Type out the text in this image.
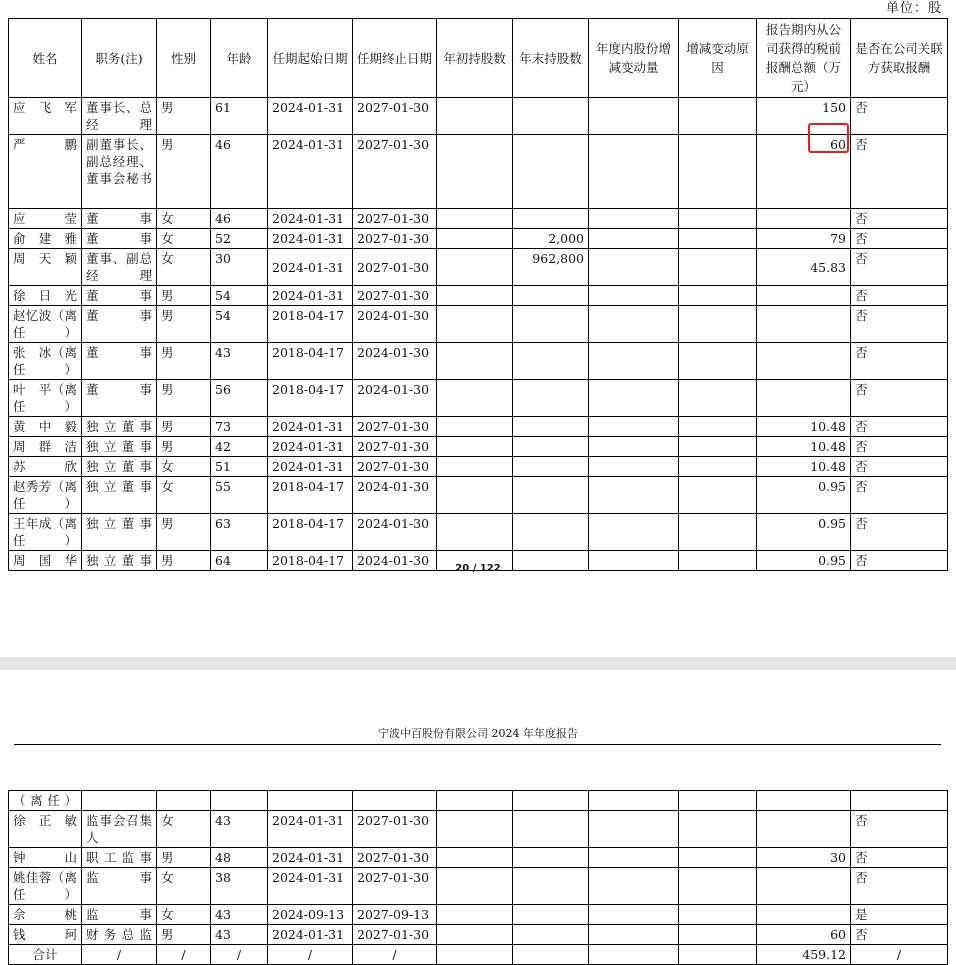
单位：股
姓名	职务(注)	性别	年龄	任期起始日期	任期终止日期	年初持股数	年末持股数	年度内股份增减变动量	增减变动原因	报告期内从公司获得的税前报酬总额（万元）	是否在公司关联方获取报酬
应飞军	董事长、总经理	男	61	2024-01-31	2027-01-30					150	否
严　鹏	副董事长、副总经理、董事会秘书	男	46	2024-01-31	2027-01-30					60	否
应　莹	董事	女	46	2024-01-31	2027-01-30						否
俞建雅	董事	女	52	2024-01-31	2027-01-30		2,000			79	否
周天颖	董事、副总经理	女	30	2024-01-31	2027-01-30		962,800			45.83	否
徐日光	董事	男	54	2024-01-31	2027-01-30						否
赵忆波（离任）	董事	男	54	2018-04-17	2024-01-30						否
张　冰（离任）	董事	男	43	2018-04-17	2024-01-30						否
叶　平（离任）	董事	男	56	2018-04-17	2024-01-30						否
黄中毅	独立董事	男	73	2024-01-31	2027-01-30					10.48	否
周群洁	独立董事	男	42	2024-01-31	2027-01-30					10.48	否
苏　欣	独立董事	女	51	2024-01-31	2027-01-30					10.48	否
赵秀芳（离任）	独立董事	女	55	2018-04-17	2024-01-30					0.95	否
王年成（离任）	独立董事	男	63	2018-04-17	2024-01-30					0.95	否
周国华	独立董事	男	64	2018-04-17	2024-01-30					0.95	否
20 / 122
宁波中百股份有限公司 2024 年年度报告
（离任）											
徐正敏	监事会召集人	女	43	2024-01-31	2027-01-30						否
钟　山	职工监事	男	48	2024-01-31	2027-01-30					30	否
姚佳蓉（离任）	监事	女	38	2024-01-31	2027-01-30						否
佘　桃	监事	女	43	2024-09-13	2027-09-13						是
钱　珂	财务总监	男	43	2024-01-31	2027-01-30					60	否
合计	/	/	/	/	/					459.12	/
